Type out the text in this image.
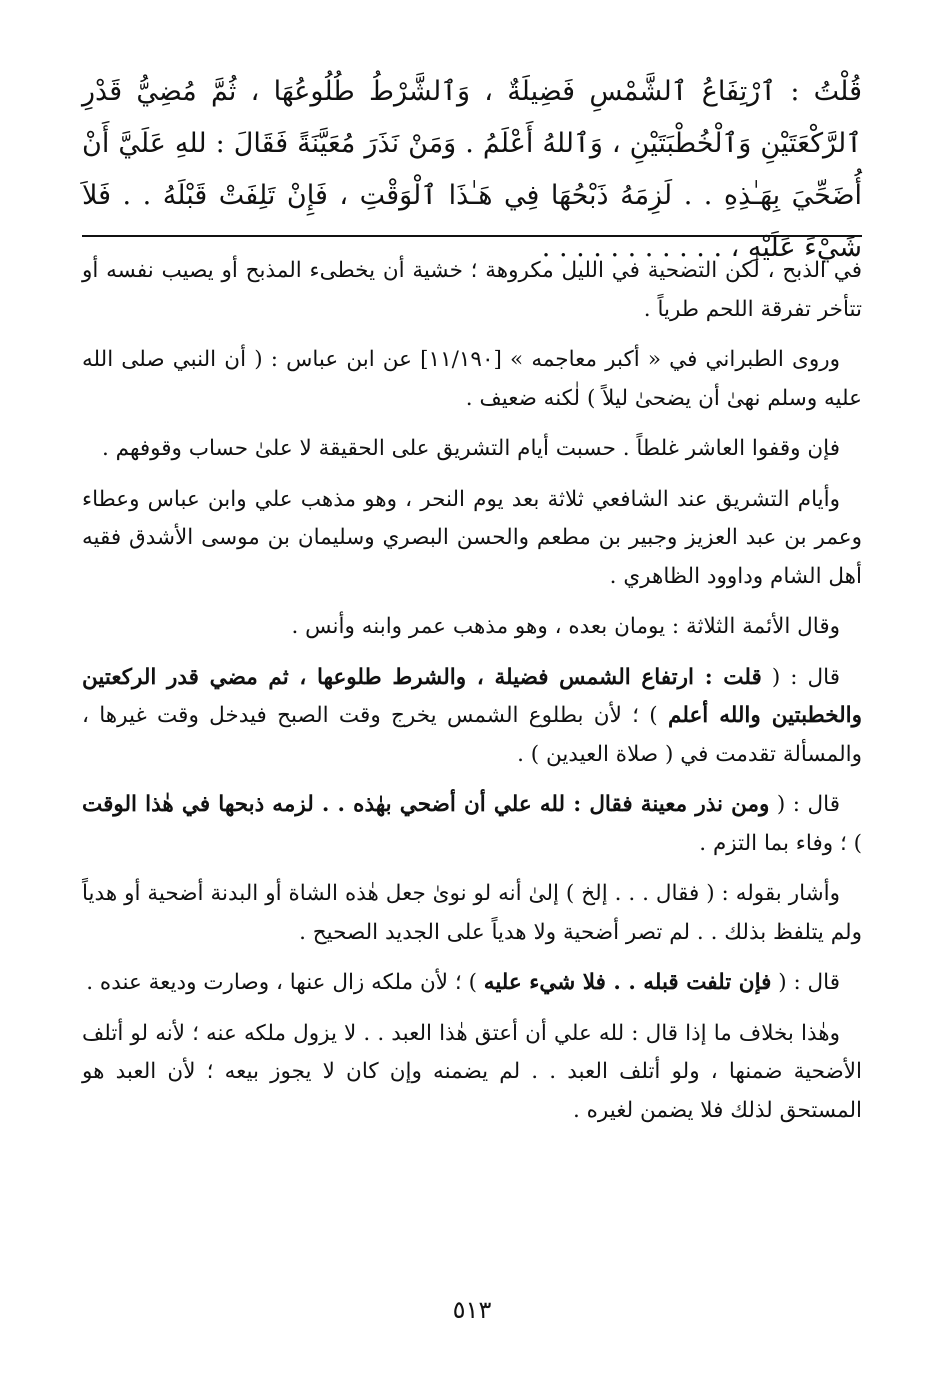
قُلْتُ : ٱرْتِفَاعُ ٱلشَّمْسِ فَضِيلَةٌ ، وَٱلشَّرْطُ طُلُوعُهَا ، ثُمَّ مُضِيُّ قَدْرِ ٱلرَّكْعَتَيْنِ وَٱلْخُطْبَتَيْنِ ، وَٱللهُ أَعْلَمُ . وَمَنْ نَذَرَ مُعَيَّنَةً فَقَالَ : للهِ عَلَيَّ أَنْ أُضَحِّيَ بِهَـٰذِهِ . . لَزِمَهُ ذَبْحُهَا فِي هَـٰذَا ٱلْوَقْتِ ، فَإِنْ تَلِفَتْ قَبْلَهُ . . فَلاَ شَيْءَ عَلَيْهِ ، . . . . . . . . . . .

في الذبح ، لٰكن التضحية في الليل مكروهة ؛ خشية أن يخطىء المذبح أو يصيب نفسه أو تتأخر تفرقة اللحم طرياً .

وروى الطبراني في « أكبر معاجمه » [١١/١٩٠] عن ابن عباس : ( أن النبي صلى الله عليه وسلم نهىٰ أن يضحىٰ ليلاً ) لٰكنه ضعيف .

فإن وقفوا العاشر غلطاً . حسبت أيام التشريق على الحقيقة لا علىٰ حساب وقوفهم .

وأيام التشريق عند الشافعي ثلاثة بعد يوم النحر ، وهو مذهب علي وابن عباس وعطاء وعمر بن عبد العزيز وجبير بن مطعم والحسن البصري وسليمان بن موسى الأشدق فقيه أهل الشام وداوود الظاهري .

وقال الأئمة الثلاثة : يومان بعده ، وهو مذهب عمر وابنه وأنس .

قال : ( قلت : ارتفاع الشمس فضيلة ، والشرط طلوعها ، ثم مضي قدر الركعتين والخطبتين والله أعلم ) ؛ لأن بطلوع الشمس يخرج وقت الصبح فيدخل وقت غيرها ، والمسألة تقدمت في ( صلاة العيدين ) .

قال : ( ومن نذر معينة فقال : لله علي أن أضحي بهٰذه . . لزمه ذبحها في هٰذا الوقت ) ؛ وفاء بما التزم .

وأشار بقوله : ( فقال . . . إلخ ) إلىٰ أنه لو نوىٰ جعل هٰذه الشاة أو البدنة أضحية أو هدياً ولم يتلفظ بذلك . . لم تصر أضحية ولا هدياً على الجديد الصحيح .

قال : ( فإن تلفت قبله . . فلا شيء عليه ) ؛ لأن ملكه زال عنها ، وصارت وديعة عنده .

وهٰذا بخلاف ما إذا قال : لله علي أن أعتق هٰذا العبد . . لا يزول ملكه عنه ؛ لأنه لو أتلف الأضحية ضمنها ، ولو أتلف العبد . . لم يضمنه وإن كان لا يجوز بيعه ؛ لأن العبد هو المستحق لذلك فلا يضمن لغيره .

٥١٣
